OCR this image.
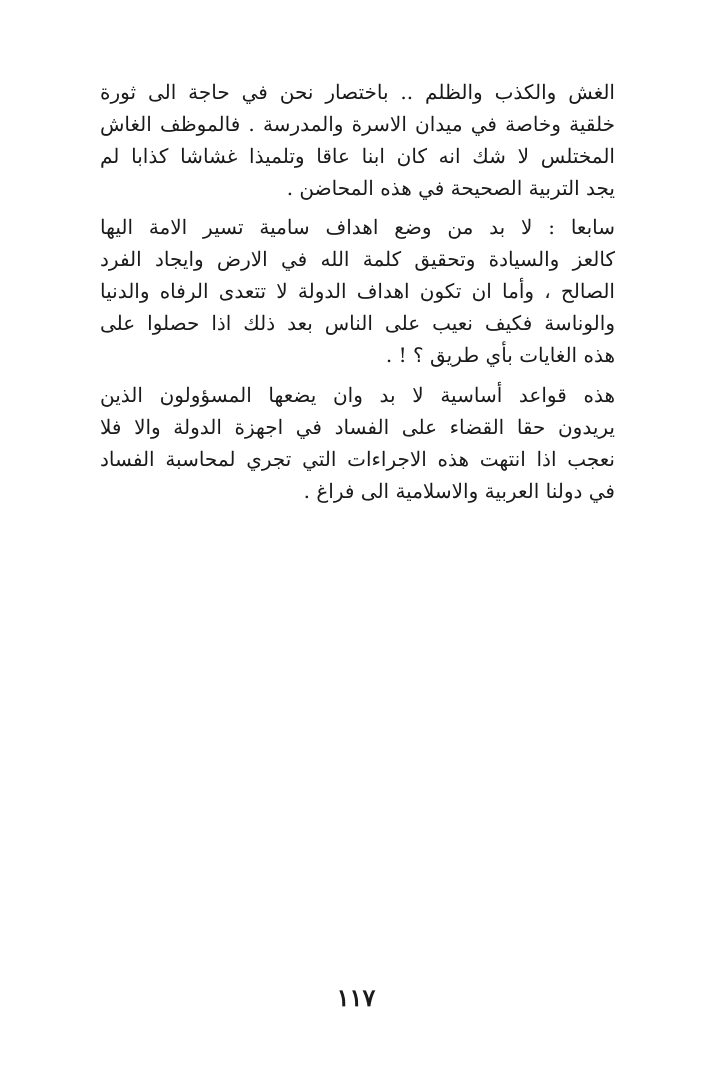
الغش والكذب والظلم .. باختصار نحن في حاجة الى ثورة
خلقية وخاصة في ميدان الاسرة والمدرسة . فالموظف الغاش
المختلس لا شك انه كان ابنا عاقا وتلميذا غشاشا كذابا لم
يجد التربية الصحيحة في هذه المحاضن .
سابعا : لا بد من وضع اهداف سامية تسير الامة اليها
كالعز والسيادة وتحقيق كلمة الله في الارض وايجاد الفرد
الصالح ، وأما ان تكون اهداف الدولة لا تتعدى الرفاه والدنيا
والوناسة فكيف نعيب على الناس بعد ذلك اذا حصلوا على
هذه الغايات بأي طريق ؟ ! .
هذه قواعد أساسية لا بد وان يضعها المسؤولون الذين
يريدون حقا القضاء على الفساد في اجهزة الدولة والا فلا
نعجب اذا انتهت هذه الاجراءات التي تجري لمحاسبة الفساد
في دولنا العربية والاسلامية الى فراغ .
١١٧
